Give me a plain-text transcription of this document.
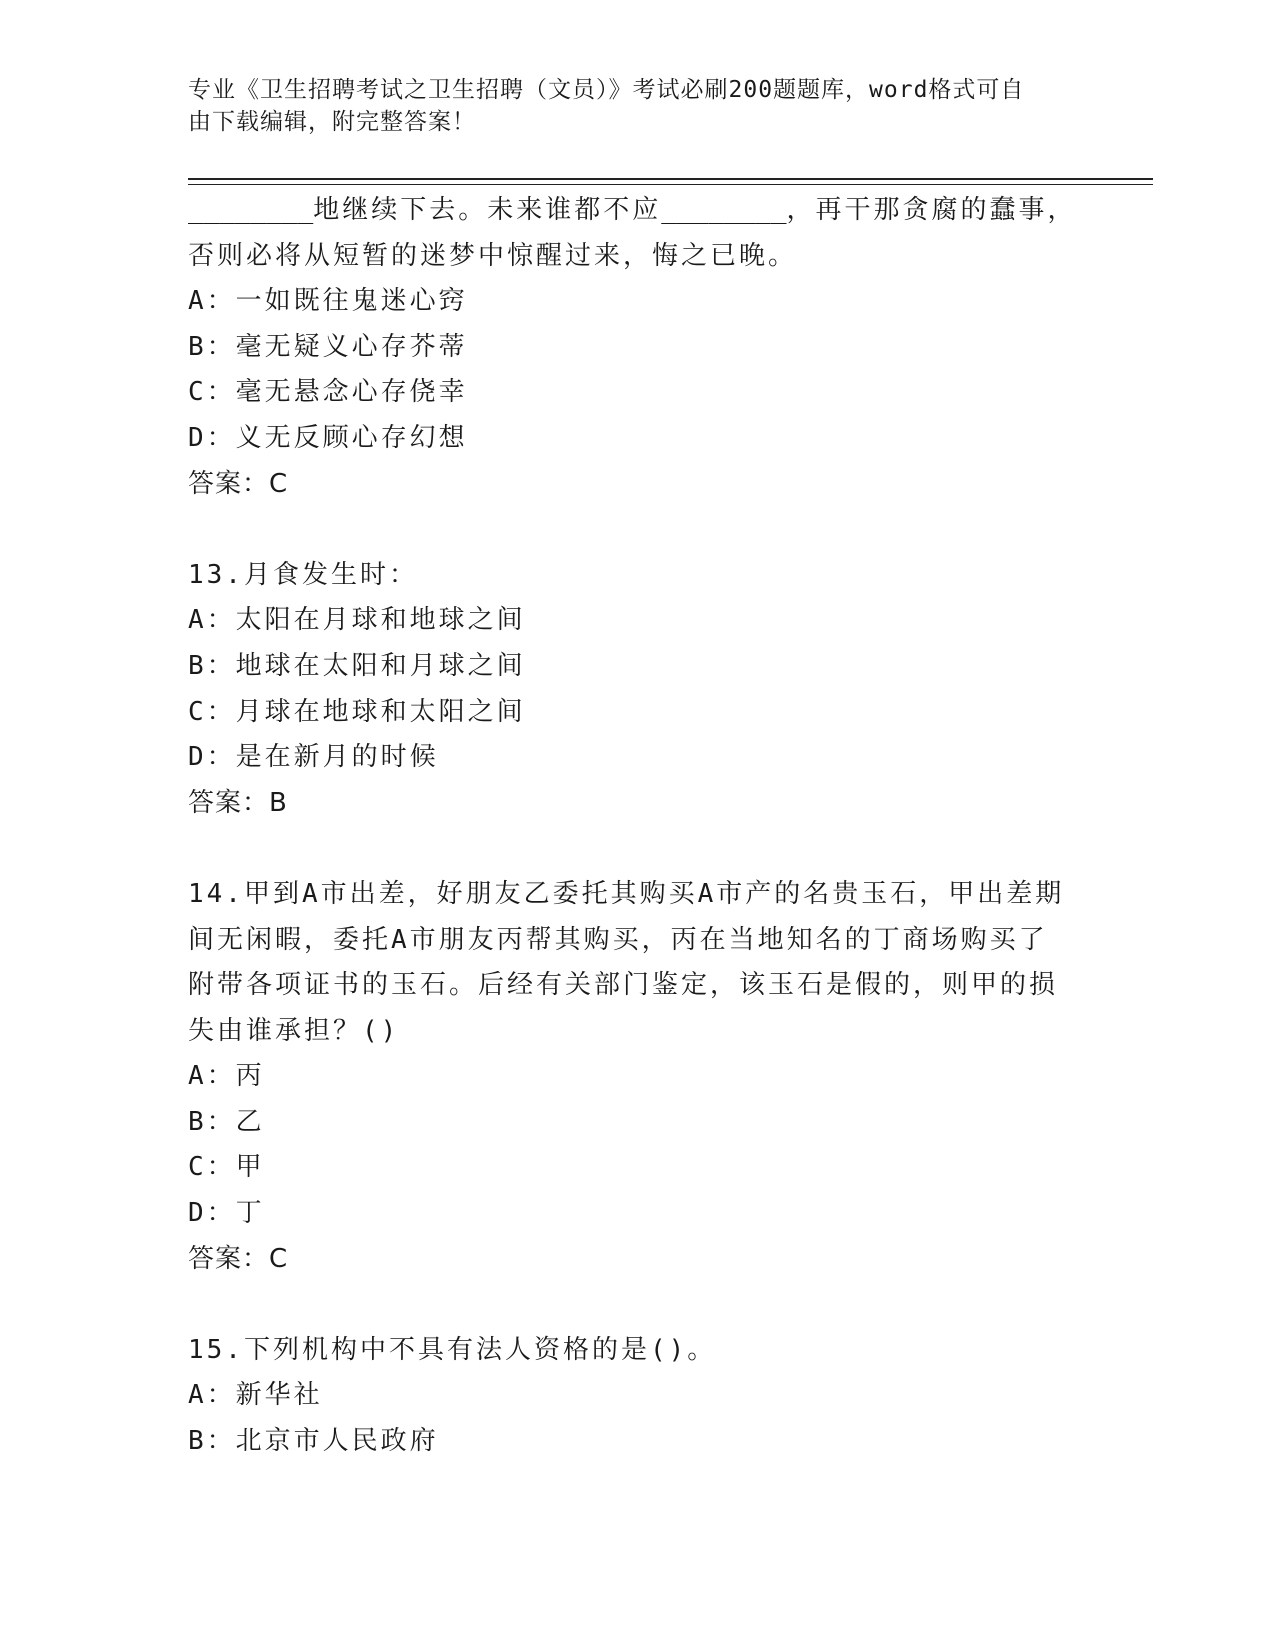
专业《卫生招聘考试之卫生招聘（文员）》考试必刷200题题库，word格式可自
由下载编辑，附完整答案！
________地继续下去。未来谁都不应________，再干那贪腐的蠢事，
否则必将从短暂的迷梦中惊醒过来，悔之已晚。
A：一如既往鬼迷心窍
B：毫无疑义心存芥蒂
C：毫无悬念心存侥幸
D：义无反顾心存幻想
答案：C
13.月食发生时：
A：太阳在月球和地球之间
B：地球在太阳和月球之间
C：月球在地球和太阳之间
D：是在新月的时候
答案：B
14.甲到A市出差，好朋友乙委托其购买A市产的名贵玉石，甲出差期
间无闲暇，委托A市朋友丙帮其购买，丙在当地知名的丁商场购买了
附带各项证书的玉石。后经有关部门鉴定，该玉石是假的，则甲的损
失由谁承担？()
A：丙
B：乙
C：甲
D：丁
答案：C
15.下列机构中不具有法人资格的是()。
A：新华社
B：北京市人民政府
